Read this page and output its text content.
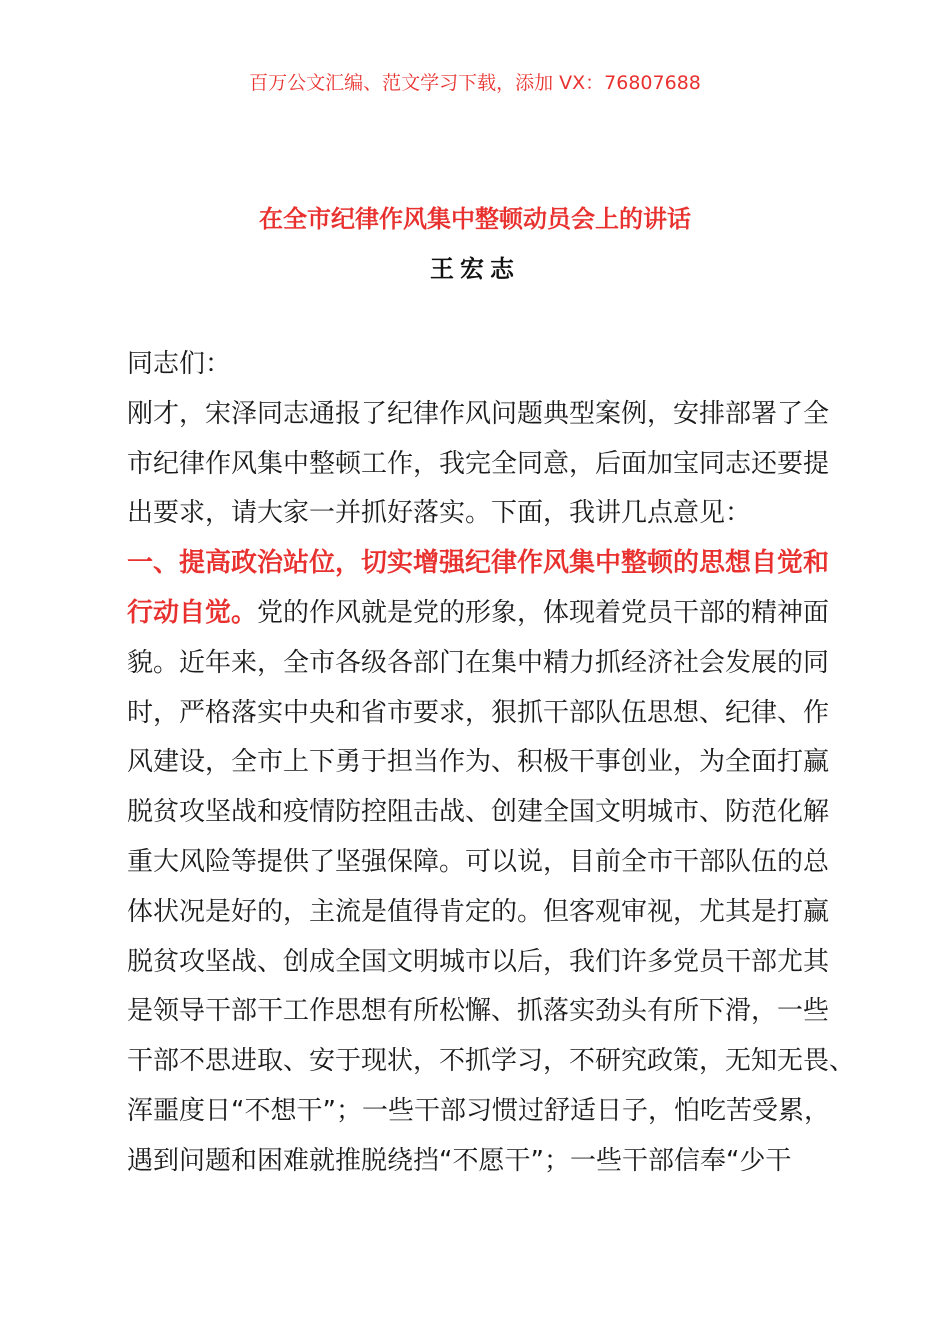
百万公文汇编、范文学习下载，添加 VX：76807688
在全市纪律作风集中整顿动员会上的讲话
王宏志
同志们：
刚才，宋泽同志通报了纪律作风问题典型案例，安排部署了全
市纪律作风集中整顿工作，我完全同意，后面加宝同志还要提
出要求，请大家一并抓好落实。下面，我讲几点意见：
一、提高政治站位，切实增强纪律作风集中整顿的思想自觉和
行动自觉。党的作风就是党的形象，体现着党员干部的精神面
貌。近年来，全市各级各部门在集中精力抓经济社会发展的同
时，严格落实中央和省市要求，狠抓干部队伍思想、纪律、作
风建设，全市上下勇于担当作为、积极干事创业，为全面打赢
脱贫攻坚战和疫情防控阻击战、创建全国文明城市、防范化解
重大风险等提供了坚强保障。可以说，目前全市干部队伍的总
体状况是好的，主流是值得肯定的。但客观审视，尤其是打赢
脱贫攻坚战、创成全国文明城市以后，我们许多党员干部尤其
是领导干部干工作思想有所松懈、抓落实劲头有所下滑，一些
干部不思进取、安于现状，不抓学习，不研究政策，无知无畏、
浑噩度日“不想干”；一些干部习惯过舒适日子，怕吃苦受累，
遇到问题和困难就推脱绕挡“不愿干”；一些干部信奉“少干
